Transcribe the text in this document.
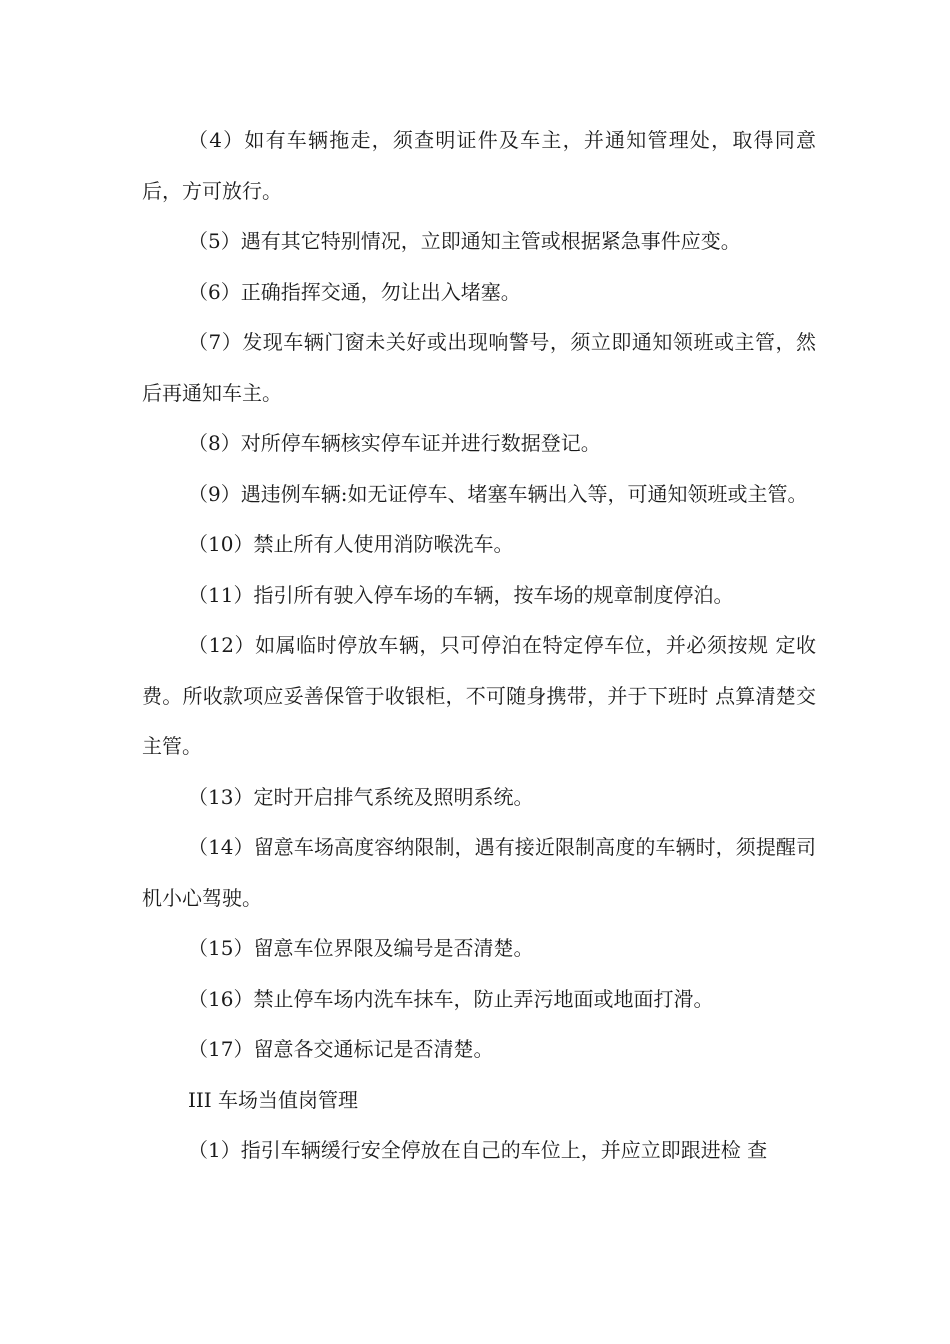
（4）如有车辆拖走，须查明证件及车主，并通知管理处，取得同意后，方可放行。

（5）遇有其它特别情况，立即通知主管或根据紧急事件应变。

（6）正确指挥交通，勿让出入堵塞。

（7）发现车辆门窗未关好或出现响警号，须立即通知领班或主管，然后再通知车主。

（8）对所停车辆核实停车证并进行数据登记。

（9）遇违例车辆:如无证停车、堵塞车辆出入等，可通知领班或主管。

（10）禁止所有人使用消防喉洗车。

（11）指引所有驶入停车场的车辆，按车场的规章制度停泊。

（12）如属临时停放车辆，只可停泊在特定停车位，并必须按规 定收费。所收款项应妥善保管于收银柜，不可随身携带，并于下班时 点算清楚交主管。

（13）定时开启排气系统及照明系统。

（14）留意车场高度容纳限制，遇有接近限制高度的车辆时，须提醒司机小心驾驶。

（15）留意车位界限及编号是否清楚。

（16）禁止停车场内洗车抹车，防止弄污地面或地面打滑。

（17）留意各交通标记是否清楚。

III 车场当值岗管理

（1）指引车辆缓行安全停放在自己的车位上，并应立即跟进检 查
